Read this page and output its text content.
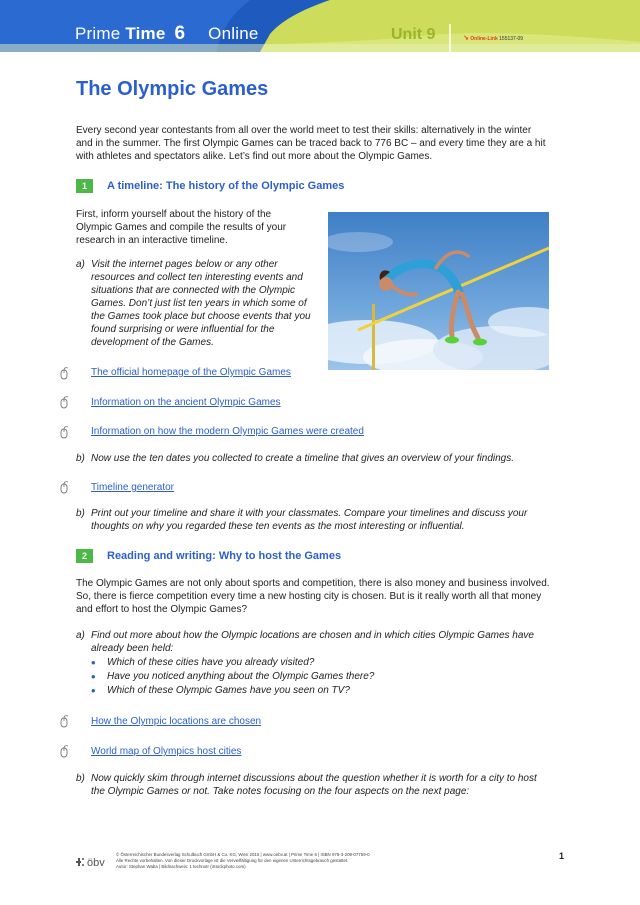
Prime Time 6 Online	Unit 9	↘ Online-Link 155137-09
The Olympic Games
Every second year contestants from all over the world meet to test their skills: alternatively in the winter
and in the summer. The first Olympic Games can be traced back to 776 BC – and every time they are a hit
with athletes and spectators alike. Let’s find out more about the Olympic Games.
1	A timeline: The history of the Olympic Games
First, inform yourself about the history of the
Olympic Games and compile the results of your
research in an interactive timeline.
a) Visit the internet pages below or any other
resources and collect ten interesting events and
situations that are connected with the Olympic
Games. Don’t just list ten years in which some of
the Games took place but choose events that you
found surprising or were influential for the
development of the Games.
The official homepage of the Olympic Games
Information on the ancient Olympic Games
Information on how the modern Olympic Games were created
b) Now use the ten dates you collected to create a timeline that gives an overview of your findings.
Timeline generator
b) Print out your timeline and share it with your classmates. Compare your timelines and discuss your
thoughts on why you regarded these ten events as the most interesting or influential.
2	Reading and writing: Why to host the Games
The Olympic Games are not only about sports and competition, there is also money and business involved.
So, there is fierce competition every time a new hosting city is chosen. But is it really worth all that money
and effort to host the Olympic Games?
a) Find out more about how the Olympic locations are chosen and in which cities Olympic Games have
already been held:
• Which of these cities have you already visited?
• Have you noticed anything about the Olympic Games there?
• Which of these Olympic Games have you seen on TV?
How the Olympic locations are chosen
World map of Olympics host cities
b) Now quickly skim through internet discussions about the question whether it is worth for a city to host
the Olympic Games or not. Take notes focusing on the four aspects on the next page:
öbv
© Österreichischer Bundesverlag Schulbuch GmbH & Co. KG, Wien 2015 | www.oebv.at | Prime Time 6 | ISBN 978-3-209-07759-0
Alle Rechte vorbehalten. Von dieser Druckvorlage ist die Vervielfältigung für den eigenen Unterrichtsgebrauch gestattet.
Autor: Stephan Waba | Bildnachweis: 1 technotr (iStockphoto.com)
1
